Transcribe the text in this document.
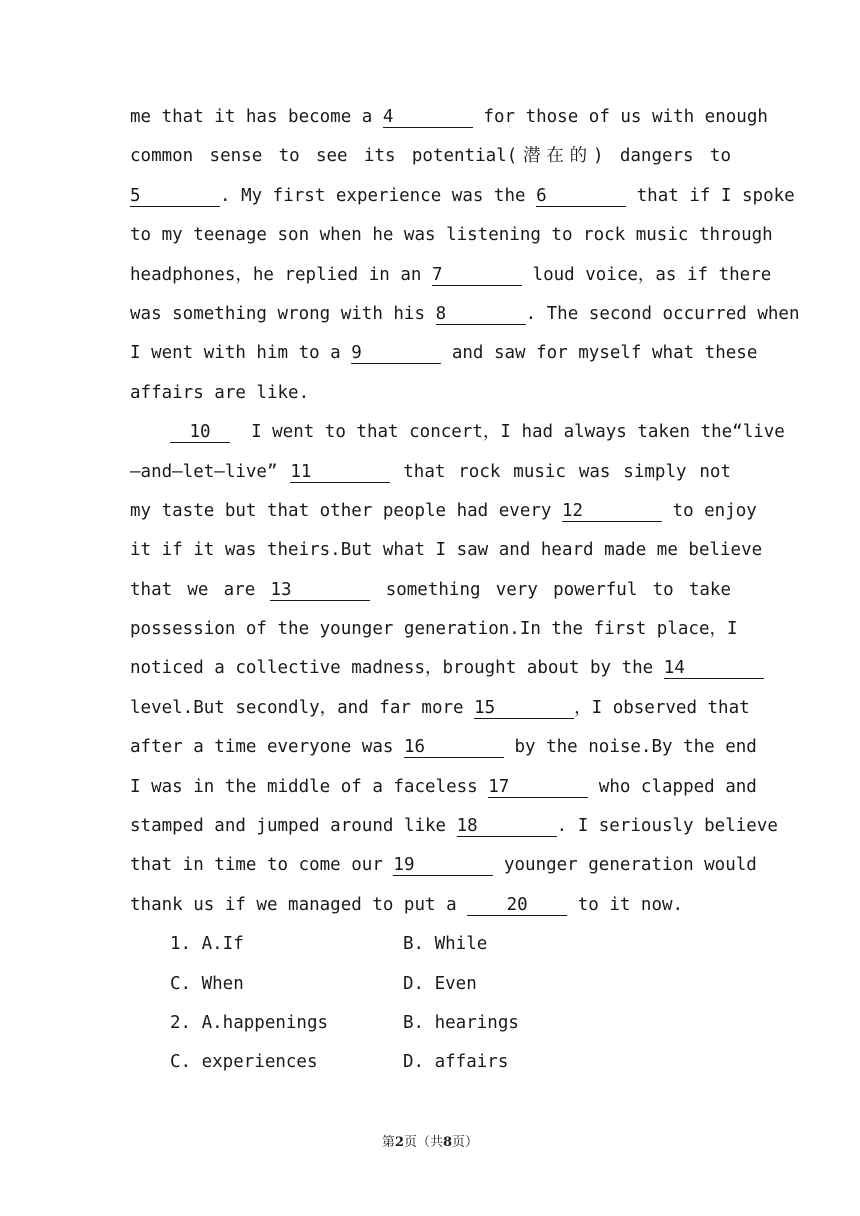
me that it has become a 4	for those of us with enough
common sense to see its potential(潜在的) dangers to
5	. My first experience was the 6	that if I spoke
to my teenage son when he was listening to rock music through
headphones，he replied in an 7	loud voice，as if there
was something wrong with his 8	. The second occurred when
I went with him to a 9	and saw for myself what these
affairs are like.
10 I went to that concert，I had always taken the“live
—and—let—live” 11	that rock music was simply not
my taste but that other people had every 12	to enjoy
it if it was theirs.But what I saw and heard made me believe
that we are 13	something very powerful to take
possession of the younger generation.In the first place，I
noticed a collective madness，brought about by the 14
level.But secondly，and far more 15	，I observed that
after a time everyone was 16	by the noise.By the end
I was in the middle of a faceless 17	who clapped and
stamped and jumped around like 18	. I seriously believe
that in time to come our 19	younger generation would
thank us if we managed to put a	20	to it now.
1. A.If	B. While
C. When	D. Even
2. A.happenings	B. hearings
C. experiences	D. affairs
第2页（共8页）
